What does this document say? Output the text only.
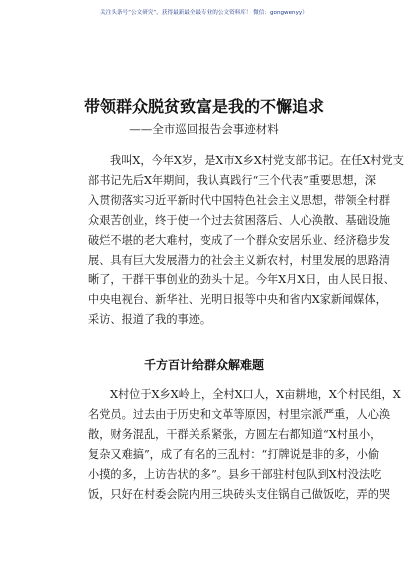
关注头条号“公文研究”，获得最新最全最专业的公文资料库！ 微信：gongwenyy）
带领群众脱贫致富是我的不懈追求
——全市巡回报告会事迹材料

我叫X，今年X岁，是X市X乡X村党支部书记。在任X村党支
部书记先后X年期间，我认真践行“三个代表”重要思想，深
入贯彻落实习近平新时代中国特色社会主义思想，带领全村群
众艰苦创业，终于使一个过去贫困落后、人心涣散、基础设施
破烂不堪的老大难村，变成了一个群众安居乐业、经济稳步发
展、具有巨大发展潜力的社会主义新农村，村里发展的思路清
晰了，干群干事创业的劲头十足。今年X月X日，由人民日报、
中央电视台、新华社、光明日报等中央和省内X家新闻媒体，
采访、报道了我的事迹。

千方百计给群众解难题

X村位于X乡X岭上，全村X口人，X亩耕地，X个村民组，X
名党员。过去由于历史和文革等原因，村里宗派严重，人心涣
散，财务混乱，干群关系紧张，方圆左右都知道“X村虽小，
复杂又难搞”，成了有名的三乱村：“打牌说是非的多，小偷
小摸的多，上访告状的多”。县乡干部驻村包队到X村没法吃
饭，只好在村委会院内用三块砖头支住锅自己做饭吃，弄的哭
